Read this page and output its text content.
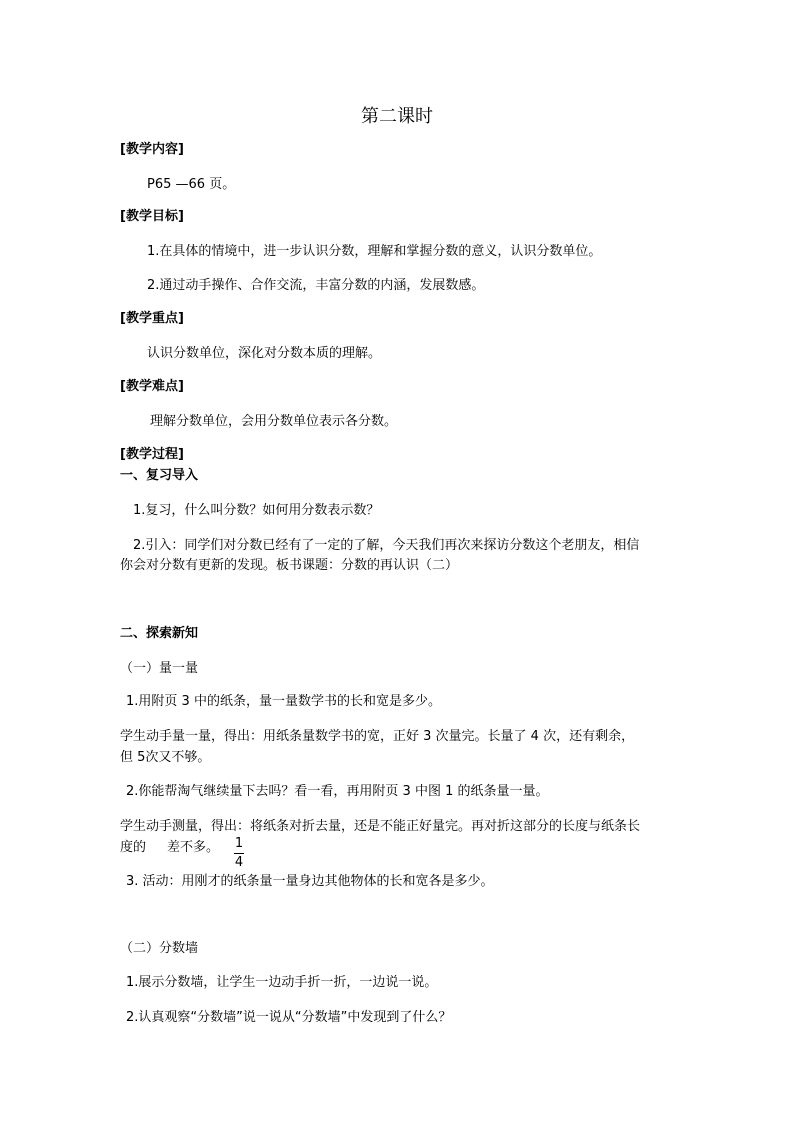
第二课时
[教学内容]
P65 —66 页。
[教学目标]
1.在具体的情境中，进一步认识分数，理解和掌握分数的意义，认识分数单位。
2.通过动手操作、合作交流，丰富分数的内涵，发展数感。
[教学重点]
认识分数单位，深化对分数本质的理解。
[教学难点]
理解分数单位，会用分数单位表示各分数。
[教学过程]
一、复习导入
1.复习，什么叫分数？如何用分数表示数？
2.引入：同学们对分数已经有了一定的了解，今天我们再次来探访分数这个老朋友，相信
你会对分数有更新的发现。板书课题：分数的再认识（二）
二、探索新知
（一）量一量
1.用附页 3 中的纸条，量一量数学书的长和宽是多少。
学生动手量一量，得出：用纸条量数学书的宽，正好 3 次量完。长量了 4 次，还有剩余，
但 5次又不够。
2.你能帮淘气继续量下去吗？看一看，再用附页 3 中图 1 的纸条量一量。
学生动手测量，得出：将纸条对折去量，还是不能正好量完。再对折这部分的长度与纸条长
度的 差不多。 1
4
3. 活动：用刚才的纸条量一量身边其他物体的长和宽各是多少。
（二）分数墙
1.展示分数墙，让学生一边动手折一折，一边说一说。
2.认真观察“分数墙”说一说从“分数墙”中发现到了什么？
